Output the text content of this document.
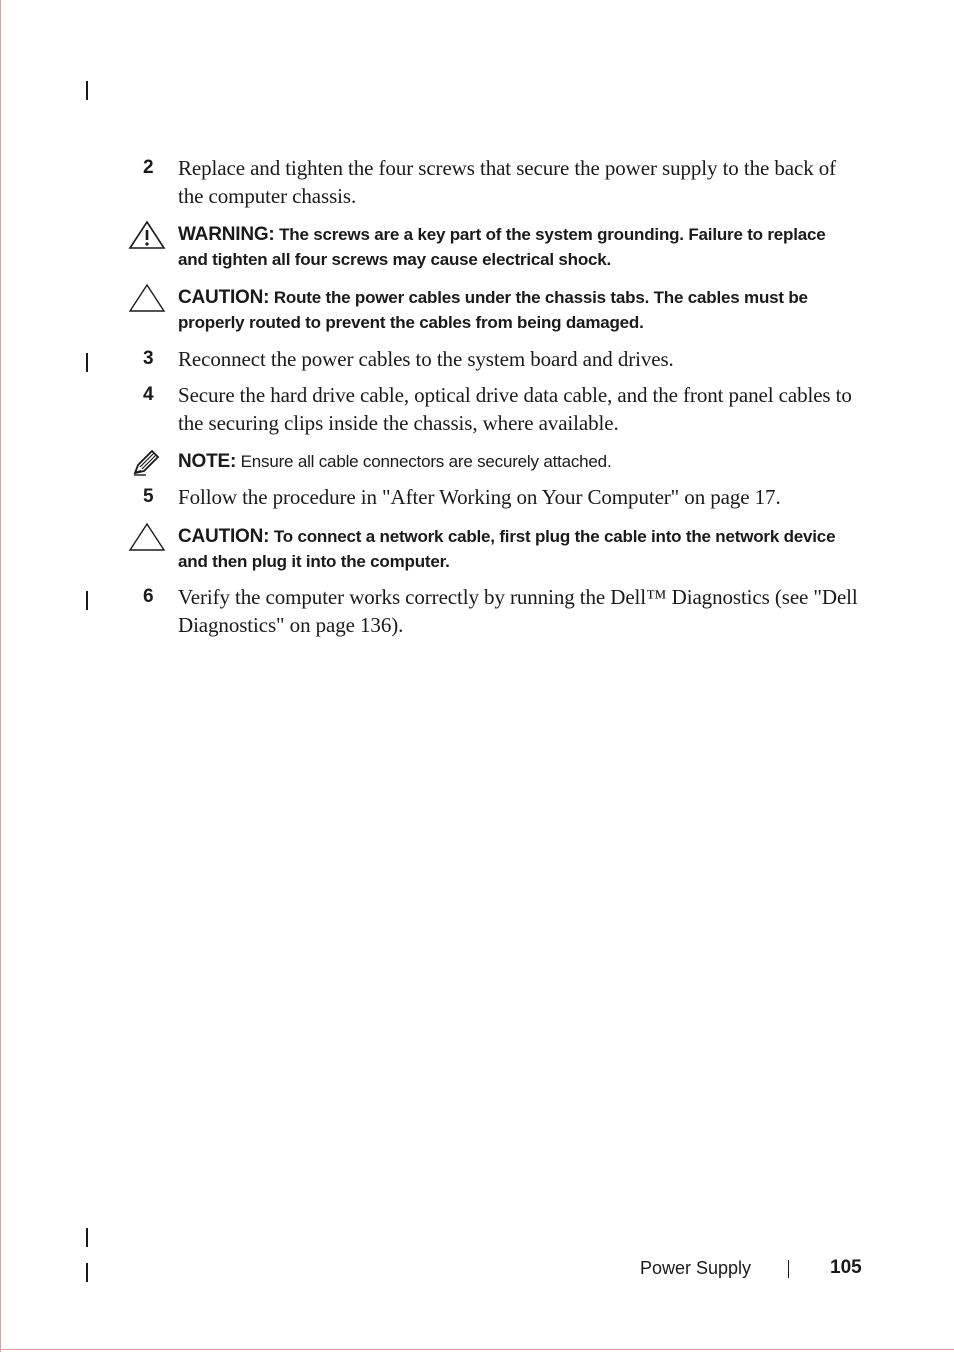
2 Replace and tighten the four screws that secure the power supply to the back of the computer chassis.
WARNING: The screws are a key part of the system grounding. Failure to replace and tighten all four screws may cause electrical shock.
CAUTION: Route the power cables under the chassis tabs. The cables must be properly routed to prevent the cables from being damaged.
3 Reconnect the power cables to the system board and drives.
4 Secure the hard drive cable, optical drive data cable, and the front panel cables to the securing clips inside the chassis, where available.
NOTE: Ensure all cable connectors are securely attached.
5 Follow the procedure in "After Working on Your Computer" on page 17.
CAUTION: To connect a network cable, first plug the cable into the network device and then plug it into the computer.
6 Verify the computer works correctly by running the Dell™ Diagnostics (see "Dell Diagnostics" on page 136).
Power Supply	105
